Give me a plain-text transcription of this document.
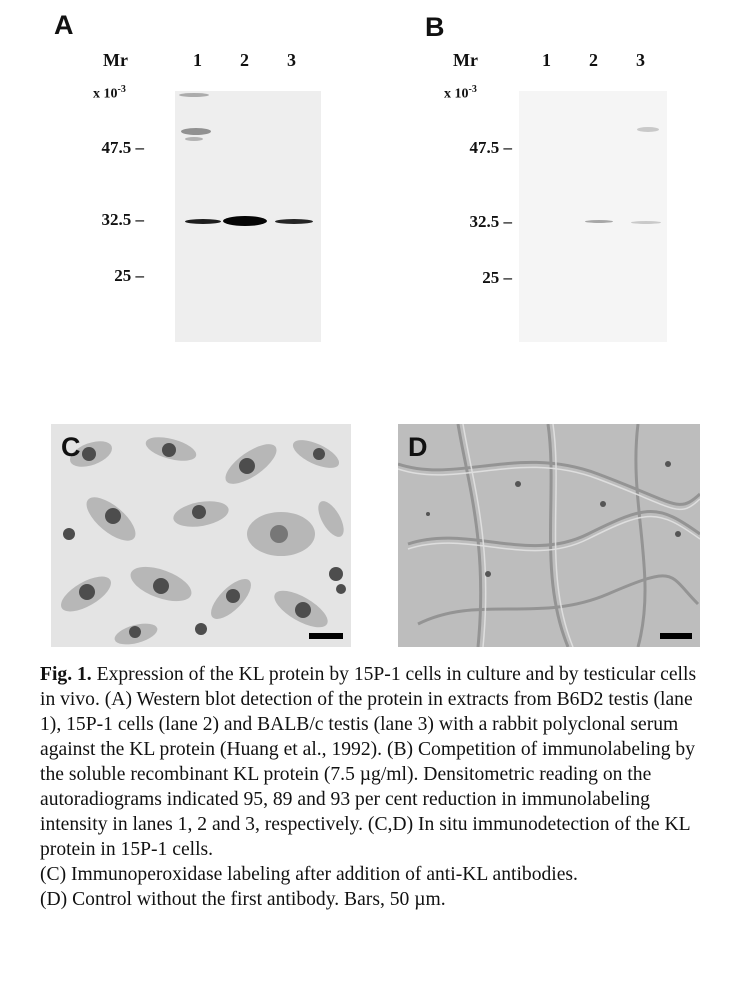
A
Mr
x $10^{-3}$
1 2 3
47.5 –
32.5 –
25 –
B
Mr
x $10^{-3}$
1 2 3
47.5 –
32.5 –
25 –
C	D

Fig. 1. Expression of the KL protein by 15P-1 cells in culture and by testicular cells in vivo. (A) Western blot detection of the protein in extracts from B6D2 testis (lane 1), 15P-1 cells (lane 2) and BALB/c testis (lane 3) with a rabbit polyclonal serum against the KL protein (Huang et al., 1992). (B) Competition of immunolabeling by the soluble recombinant KL protein (7.5 µg/ml). Densitometric reading on the autoradiograms indicated 95, 89 and 93 per cent reduction in immunolabeling intensity in lanes 1, 2 and 3, respectively. (C,D) In situ immunodetection of the KL protein in 15P-1 cells.

(C) Immunoperoxidase labeling after addition of anti-KL antibodies.

(D) Control without the first antibody. Bars, 50 µm.
